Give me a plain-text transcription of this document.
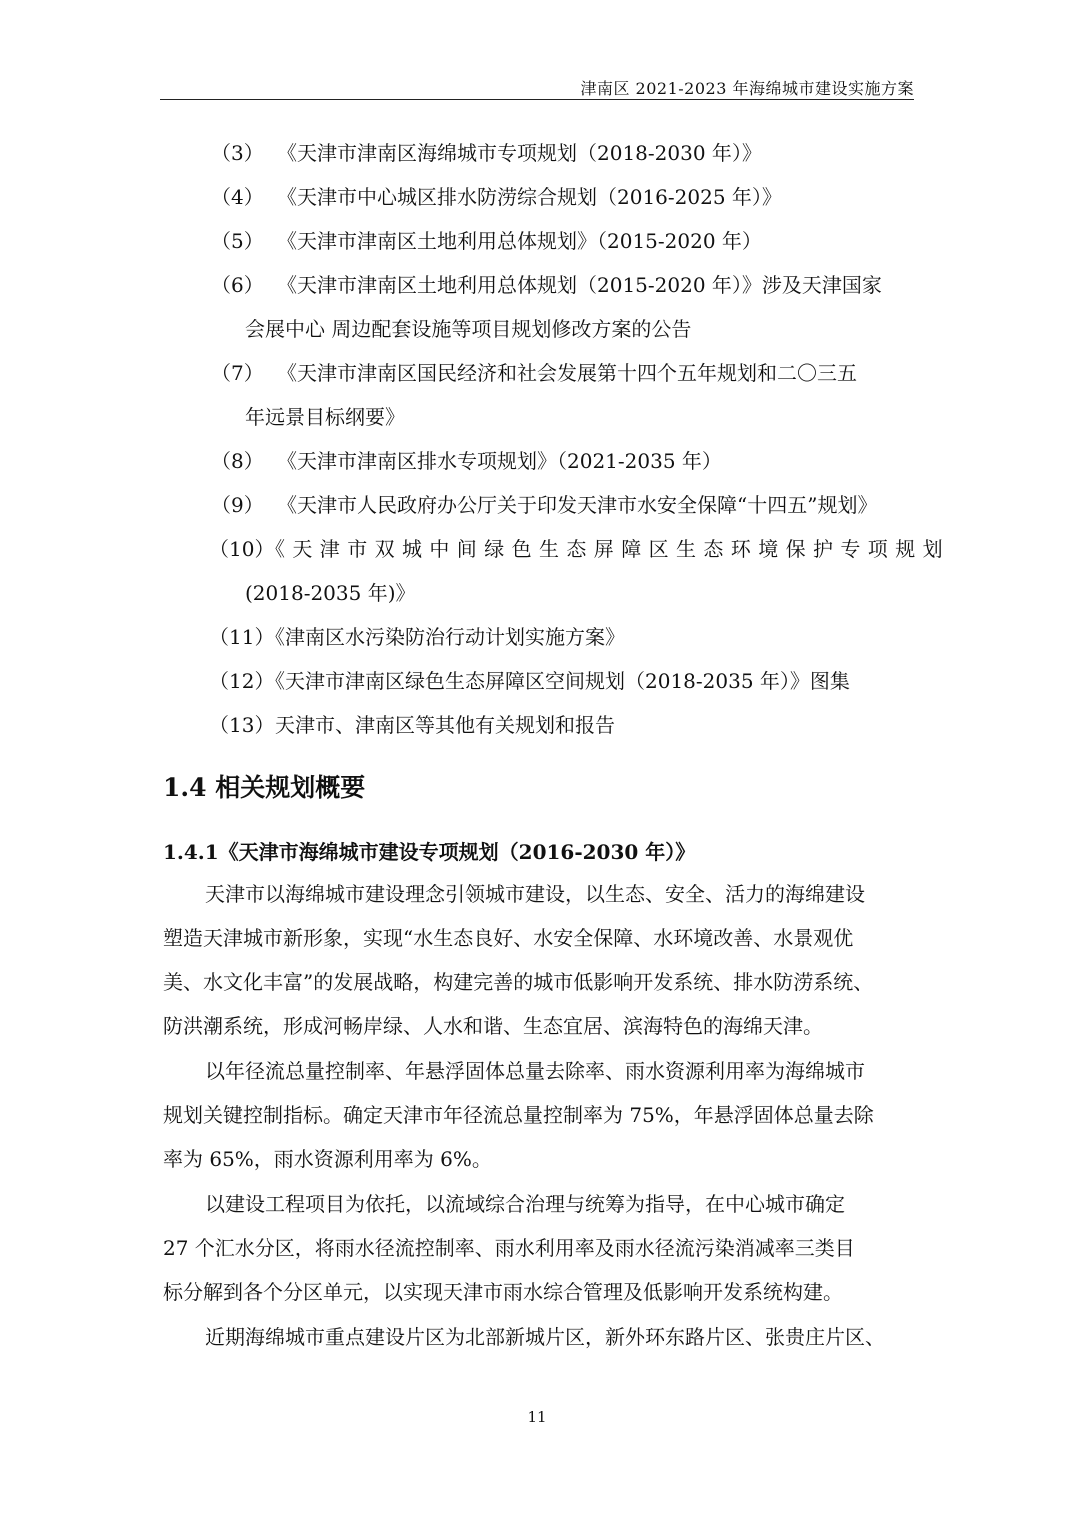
津南区 2021-2023 年海绵城市建设实施方案
（3） 《天津市津南区海绵城市专项规划（2018-2030 年）》
（4） 《天津市中心城区排水防涝综合规划（2016-2025 年）》
（5） 《天津市津南区土地利用总体规划》（2015-2020 年）
（6） 《天津市津南区土地利用总体规划（2015-2020 年）》涉及天津国家
会展中心 周边配套设施等项目规划修改方案的公告
（7） 《天津市津南区国民经济和社会发展第十四个五年规划和二〇三五
年远景目标纲要》
（8） 《天津市津南区排水专项规划》（2021-2035 年）
（9） 《天津市人民政府办公厅关于印发天津市水安全保障“十四五”规划》
（10）《天津市双城中间绿色生态屏障区生态环境保护专项规划
(2018-2035 年)》
（11）《津南区水污染防治行动计划实施方案》
（12）《天津市津南区绿色生态屏障区空间规划（2018-2035 年）》图集
（13）天津市、津南区等其他有关规划和报告
1.4 相关规划概要
1.4.1《天津市海绵城市建设专项规划（2016-2030 年）》
天津市以海绵城市建设理念引领城市建设，以生态、安全、活力的海绵建设
塑造天津城市新形象，实现“水生态良好、水安全保障、水环境改善、水景观优
美、水文化丰富”的发展战略，构建完善的城市低影响开发系统、排水防涝系统、
防洪潮系统，形成河畅岸绿、人水和谐、生态宜居、滨海特色的海绵天津。
以年径流总量控制率、年悬浮固体总量去除率、雨水资源利用率为海绵城市
规划关键控制指标。确定天津市年径流总量控制率为 75%，年悬浮固体总量去除
率为 65%，雨水资源利用率为 6%。
以建设工程项目为依托，以流域综合治理与统筹为指导，在中心城市确定
27 个汇水分区，将雨水径流控制率、雨水利用率及雨水径流污染消减率三类目
标分解到各个分区单元，以实现天津市雨水综合管理及低影响开发系统构建。
近期海绵城市重点建设片区为北部新城片区，新外环东路片区、张贵庄片区、
11
